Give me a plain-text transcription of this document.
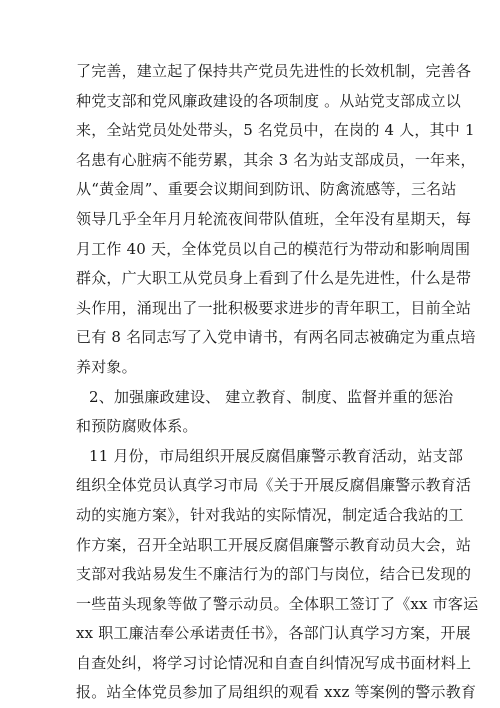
了完善，建立起了保持共产党员先进性的长效机制，完善各
种党支部和党风廉政建设的各项制度 。从站党支部成立以
来，全站党员处处带头，5 名党员中，在岗的 4 人，其中 1
名患有心脏病不能劳累，其余 3 名为站支部成员，一年来，
从“黄金周”、重要会议期间到防讯、防禽流感等，三名站
领导几乎全年月月轮流夜间带队值班，全年没有星期天，每
月工作 40 天，全体党员以自己的模范行为带动和影响周围
群众，广大职工从党员身上看到了什么是先进性，什么是带
头作用，涌现出了一批积极要求进步的青年职工，目前全站
已有 8 名同志写了入党申请书，有两名同志被确定为重点培
养对象。
2、加强廉政建设、 建立教育、制度、监督并重的惩治
和预防腐败体系。
11 月份，市局组织开展反腐倡廉警示教育活动，站支部
组织全体党员认真学习市局《关于开展反腐倡廉警示教育活
动的实施方案》，针对我站的实际情况，制定适合我站的工
作方案，召开全站职工开展反腐倡廉警示教育动员大会，站
支部对我站易发生不廉洁行为的部门与岗位，结合已发现的
一些苗头现象等做了警示动员。全体职工签订了《xx 市客运
xx 职工廉洁奉公承诺责任书》，各部门认真学习方案，开展
自查处纠，将学习讨论情况和自查自纠情况写成书面材料上
报。站全体党员参加了局组织的观看 xxz 等案例的警示教育
